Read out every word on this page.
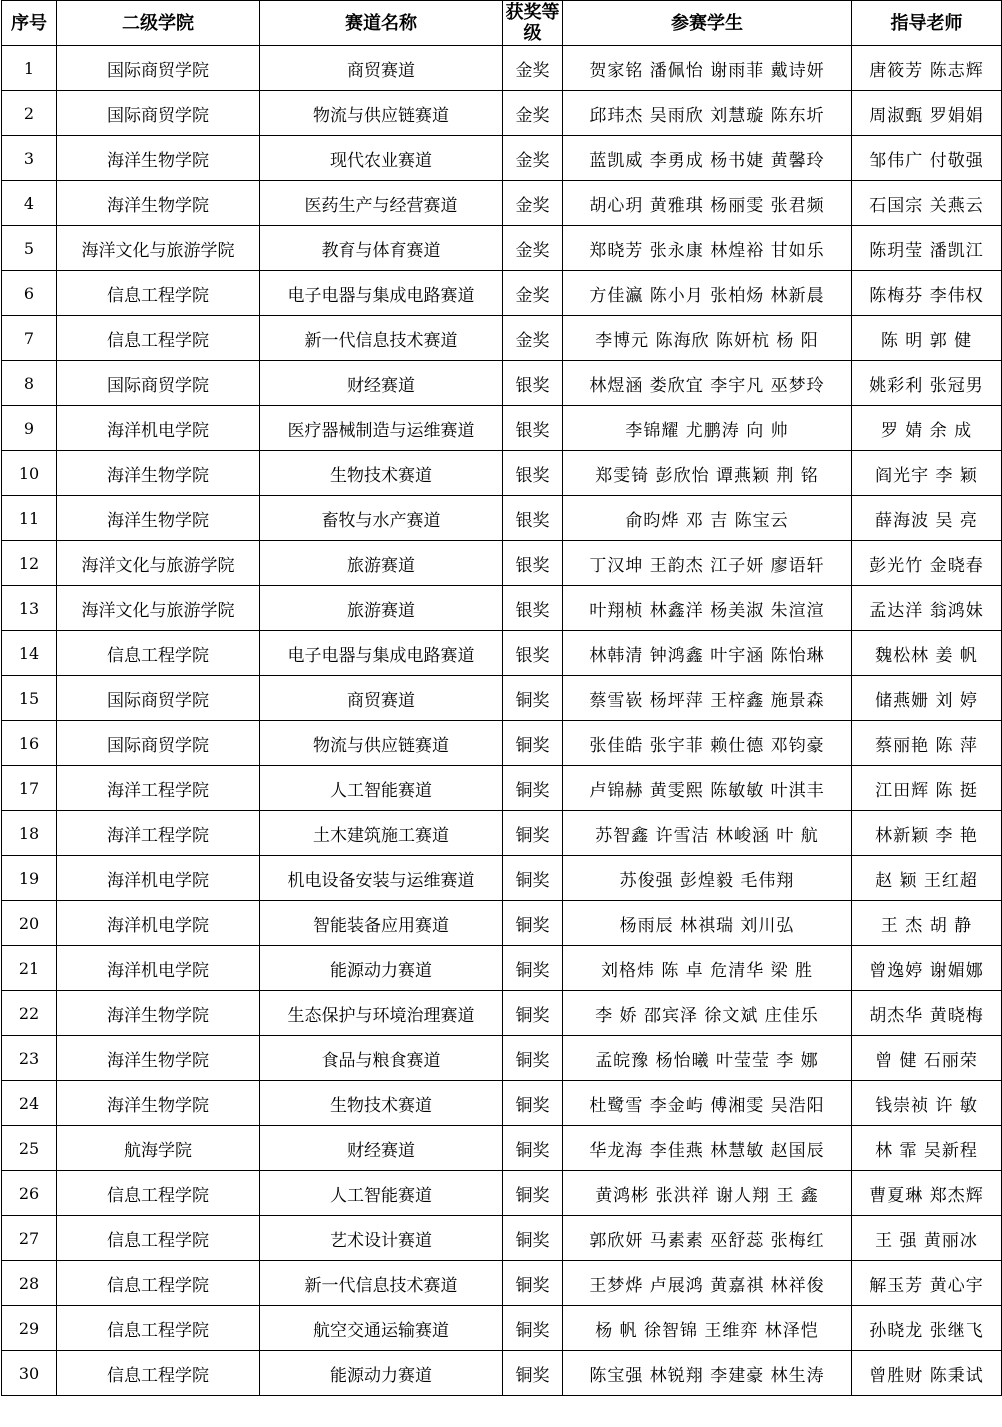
序号	二级学院	赛道名称	获奖等级	参赛学生	指导老师
1	国际商贸学院	商贸赛道	金奖	贺家铭 潘佩怡 谢雨菲 戴诗妍	唐筱芳 陈志辉
2	国际商贸学院	物流与供应链赛道	金奖	邱玮杰 吴雨欣 刘慧璇 陈东圻	周淑甄 罗娟娟
3	海洋生物学院	现代农业赛道	金奖	蓝凯威 李勇成 杨书婕 黄馨玲	邹伟广 付敬强
4	海洋生物学院	医药生产与经营赛道	金奖	胡心玥 黄雅琪 杨丽雯 张君频	石国宗 关燕云
5	海洋文化与旅游学院	教育与体育赛道	金奖	郑晓芳 张永康 林煌裕 甘如乐	陈玥莹 潘凯江
6	信息工程学院	电子电器与集成电路赛道	金奖	方佳瀛 陈小月 张柏炀 林新晨	陈梅芬 李伟权
7	信息工程学院	新一代信息技术赛道	金奖	李博元 陈海欣 陈妍杭 杨 阳	陈 明 郭 健
8	国际商贸学院	财经赛道	银奖	林煜涵 娄欣宜 李宇凡 巫梦玲	姚彩利 张冠男
9	海洋机电学院	医疗器械制造与运维赛道	银奖	李锦耀 尤鹏涛 向 帅	罗 婧 余 成
10	海洋生物学院	生物技术赛道	银奖	郑雯锜 彭欣怡 谭燕颖 荆 铭	阎光宇 李 颖
11	海洋生物学院	畜牧与水产赛道	银奖	俞昀烨 邓 吉 陈宝云	薛海波 吴 亮
12	海洋文化与旅游学院	旅游赛道	银奖	丁汉坤 王韵杰 江子妍 廖语轩	彭光竹 金晓春
13	海洋文化与旅游学院	旅游赛道	银奖	叶翔桢 林鑫洋 杨美淑 朱渲渲	孟达洋 翁鸿妹
14	信息工程学院	电子电器与集成电路赛道	银奖	林韩清 钟鸿鑫 叶宇涵 陈怡琳	魏松林 姜 帆
15	国际商贸学院	商贸赛道	铜奖	蔡雪嵚 杨坪萍 王梓鑫 施景森	储燕姗 刘 婷
16	国际商贸学院	物流与供应链赛道	铜奖	张佳皓 张宇菲 赖仕德 邓钧豪	蔡丽艳 陈 萍
17	海洋工程学院	人工智能赛道	铜奖	卢锦赫 黄雯熙 陈敏敏 叶淇丰	江田辉 陈 挺
18	海洋工程学院	土木建筑施工赛道	铜奖	苏智鑫 许雪洁 林峻涵 叶 航	林新颖 李 艳
19	海洋机电学院	机电设备安装与运维赛道	铜奖	苏俊强 彭煌毅 毛伟翔	赵 颖 王红超
20	海洋机电学院	智能装备应用赛道	铜奖	杨雨辰 林祺瑞 刘川弘	王 杰 胡 静
21	海洋机电学院	能源动力赛道	铜奖	刘格炜 陈 卓 危清华 梁 胜	曾逸婷 谢媚娜
22	海洋生物学院	生态保护与环境治理赛道	铜奖	李 娇 邵宾泽 徐文斌 庄佳乐	胡杰华 黄晓梅
23	海洋生物学院	食品与粮食赛道	铜奖	孟皖豫 杨怡曦 叶莹莹 李 娜	曾 健 石丽荣
24	海洋生物学院	生物技术赛道	铜奖	杜鹭雪 李金屿 傅湘雯 吴浩阳	钱崇祯 许 敏
25	航海学院	财经赛道	铜奖	华龙海 李佳燕 林慧敏 赵国辰	林 霏 吴新程
26	信息工程学院	人工智能赛道	铜奖	黄鸿彬 张洪祥 谢人翔 王 鑫	曹夏琳 郑杰辉
27	信息工程学院	艺术设计赛道	铜奖	郭欣妍 马素素 巫舒蕊 张梅红	王 强 黄丽冰
28	信息工程学院	新一代信息技术赛道	铜奖	王梦烨 卢展鸿 黄嘉祺 林祥俊	解玉芳 黄心宇
29	信息工程学院	航空交通运输赛道	铜奖	杨 帆 徐智锦 王维弈 林泽恺	孙晓龙 张继飞
30	信息工程学院	能源动力赛道	铜奖	陈宝强 林锐翔 李建豪 林生涛	曾胜财 陈秉试
